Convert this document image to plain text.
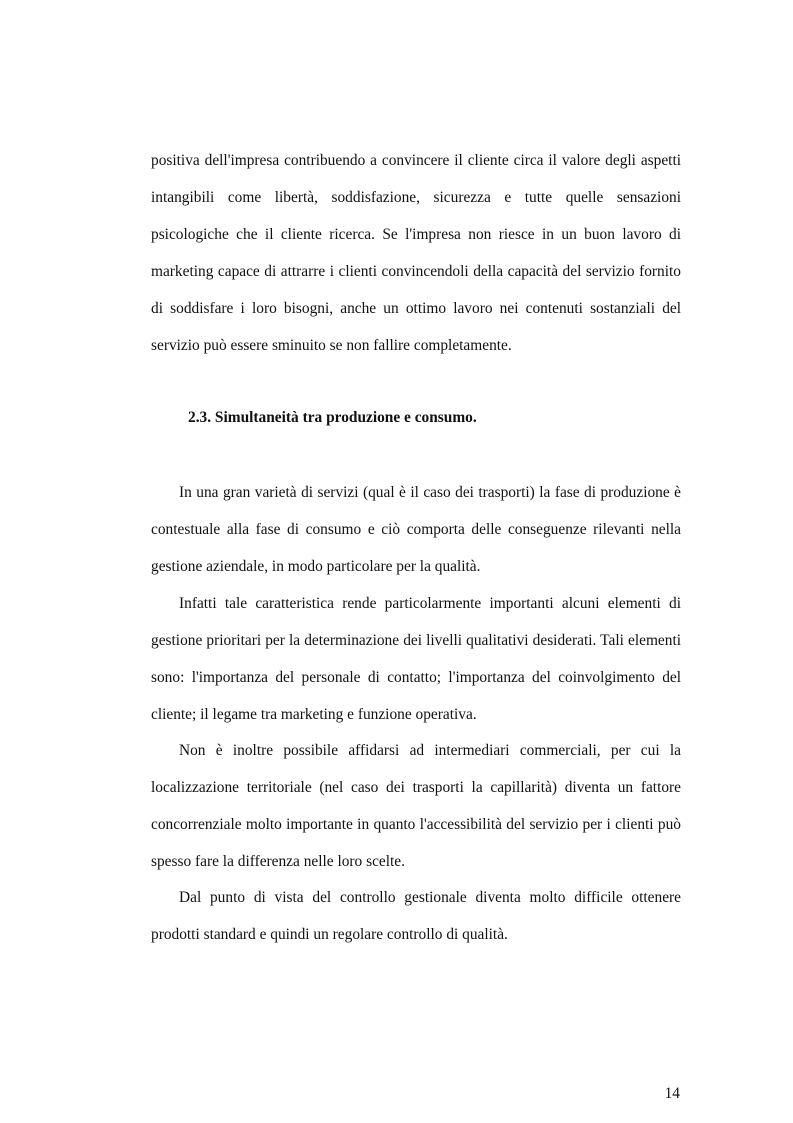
positiva dell'impresa contribuendo a convincere il cliente circa il valore degli aspetti intangibili come libertà, soddisfazione, sicurezza e tutte quelle sensazioni psicologiche che il cliente ricerca. Se l'impresa non riesce in un buon lavoro di marketing capace di attrarre i clienti convincendoli della capacità del servizio fornito di soddisfare i loro bisogni, anche un ottimo lavoro nei contenuti sostanziali del servizio può essere sminuito se non fallire completamente.

2.3. Simultaneità tra produzione e consumo.

In una gran varietà di servizi (qual è il caso dei trasporti) la fase di produzione è contestuale alla fase di consumo e ciò comporta delle conseguenze rilevanti nella gestione aziendale, in modo particolare per la qualità.

Infatti tale caratteristica rende particolarmente importanti alcuni elementi di gestione prioritari per la determinazione dei livelli qualitativi desiderati. Tali elementi sono: l'importanza del personale di contatto; l'importanza del coinvolgimento del cliente; il legame tra marketing e funzione operativa.

Non è inoltre possibile affidarsi ad intermediari commerciali, per cui la localizzazione territoriale (nel caso dei trasporti la capillarità) diventa un fattore concorrenziale molto importante in quanto l'accessibilità del servizio per i clienti può spesso fare la differenza nelle loro scelte.

Dal punto di vista del controllo gestionale diventa molto difficile ottenere prodotti standard e quindi un regolare controllo di qualità.

14
